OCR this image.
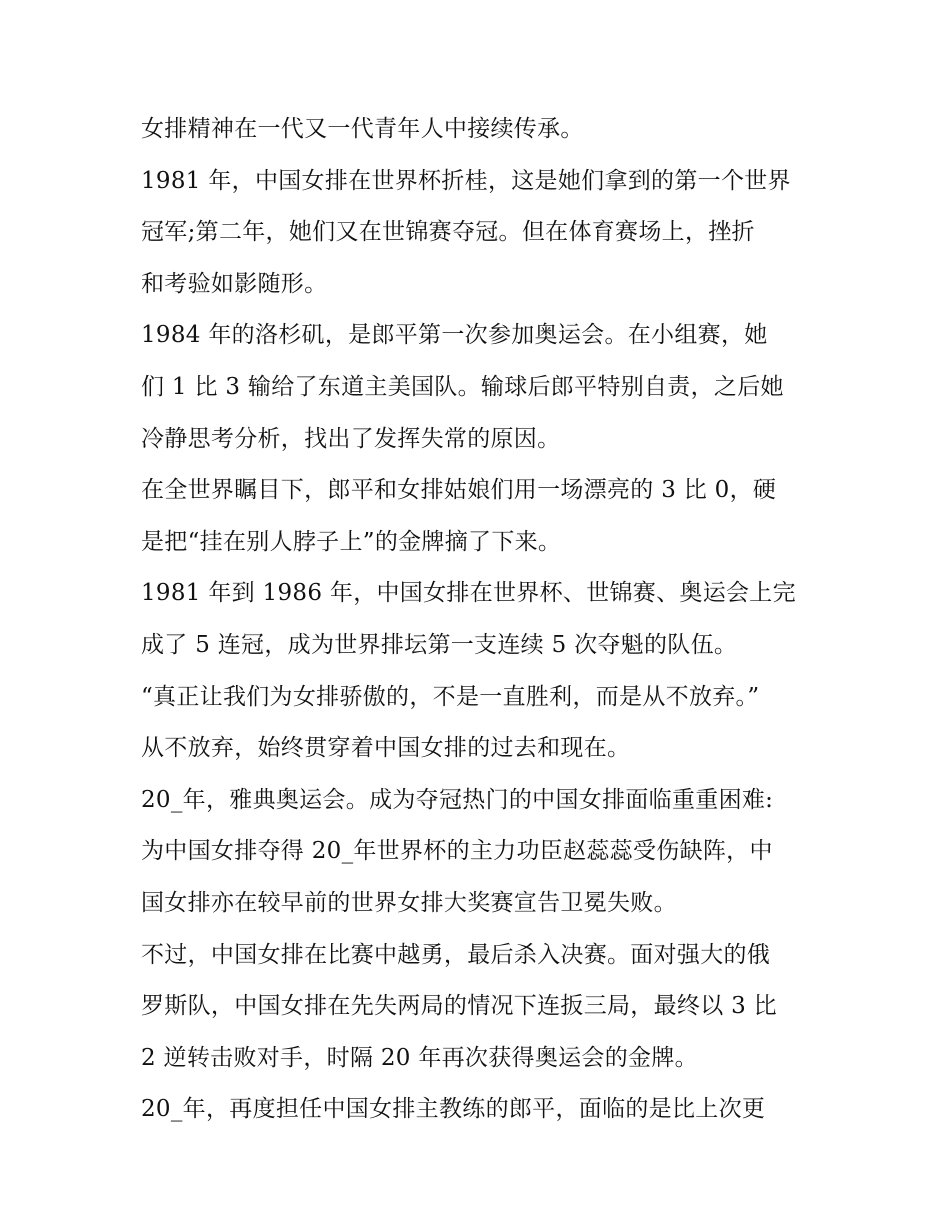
女排精神在一代又一代青年人中接续传承。
1981 年，中国女排在世界杯折桂，这是她们拿到的第一个世界
冠军;第二年，她们又在世锦赛夺冠。但在体育赛场上，挫折
和考验如影随形。
1984 年的洛杉矶，是郎平第一次参加奥运会。在小组赛，她
们 1 比 3 输给了东道主美国队。输球后郎平特别自责，之后她
冷静思考分析，找出了发挥失常的原因。
在全世界瞩目下，郎平和女排姑娘们用一场漂亮的 3 比 0，硬
是把“挂在别人脖子上”的金牌摘了下来。
1981 年到 1986 年，中国女排在世界杯、世锦赛、奥运会上完
成了 5 连冠，成为世界排坛第一支连续 5 次夺魁的队伍。
“真正让我们为女排骄傲的，不是一直胜利，而是从不放弃。”
从不放弃，始终贯穿着中国女排的过去和现在。
20_年，雅典奥运会。成为夺冠热门的中国女排面临重重困难:
为中国女排夺得 20_年世界杯的主力功臣赵蕊蕊受伤缺阵，中
国女排亦在较早前的世界女排大奖赛宣告卫冕失败。
不过，中国女排在比赛中越勇，最后杀入决赛。面对强大的俄
罗斯队，中国女排在先失两局的情况下连扳三局，最终以 3 比
2 逆转击败对手，时隔 20 年再次获得奥运会的金牌。
20_年，再度担任中国女排主教练的郎平，面临的是比上次更
